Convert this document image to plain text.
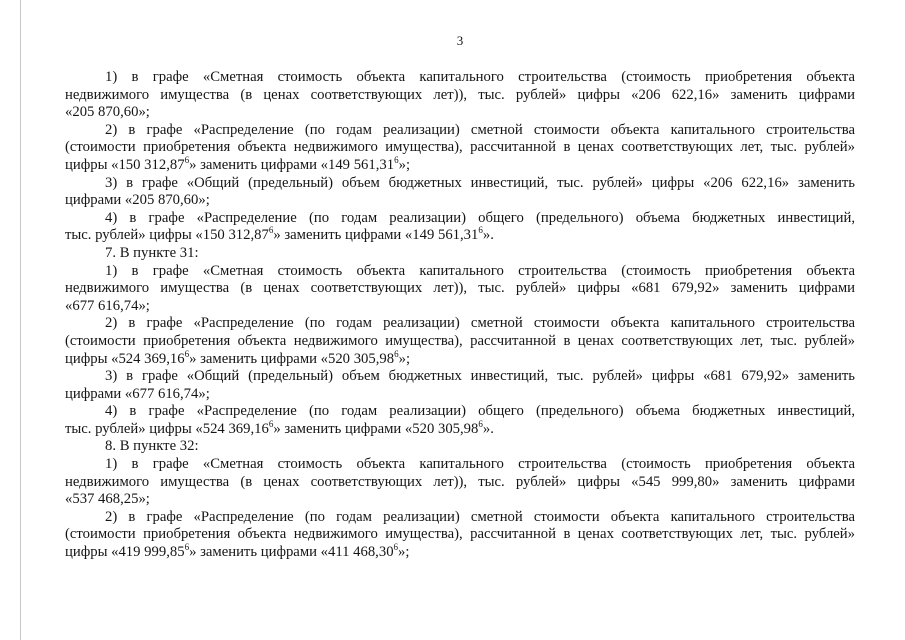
3
1) в графе «Сметная стоимость объекта капитального строительства (стоимость приобретения объекта
недвижимого имущества (в ценах соответствующих лет)), тыс. рублей» цифры «206 622,16» заменить цифрами
«205 870,60»;
2) в графе «Распределение (по годам реализации) сметной стоимости объекта капитального строительства
(стоимости приобретения объекта недвижимого имущества), рассчитанной в ценах соответствующих лет, тыс. рублей»
цифры «150 312,87$^6$» заменить цифрами «149 561,31$^6$»;
3) в графе «Общий (предельный) объем бюджетных инвестиций, тыс. рублей» цифры «206 622,16» заменить
цифрами «205 870,60»;
4) в графе «Распределение (по годам реализации) общего (предельного) объема бюджетных инвестиций,
тыс. рублей» цифры «150 312,87$^6$» заменить цифрами «149 561,31$^6$».
7. В пункте 31:
1) в графе «Сметная стоимость объекта капитального строительства (стоимость приобретения объекта
недвижимого имущества (в ценах соответствующих лет)), тыс. рублей» цифры «681 679,92» заменить цифрами
«677 616,74»;
2) в графе «Распределение (по годам реализации) сметной стоимости объекта капитального строительства
(стоимости приобретения объекта недвижимого имущества), рассчитанной в ценах соответствующих лет, тыс. рублей»
цифры «524 369,16$^6$» заменить цифрами «520 305,98$^6$»;
3) в графе «Общий (предельный) объем бюджетных инвестиций, тыс. рублей» цифры «681 679,92» заменить
цифрами «677 616,74»;
4) в графе «Распределение (по годам реализации) общего (предельного) объема бюджетных инвестиций,
тыс. рублей» цифры «524 369,16$^6$» заменить цифрами «520 305,98$^6$».
8. В пункте 32:
1) в графе «Сметная стоимость объекта капитального строительства (стоимость приобретения объекта
недвижимого имущества (в ценах соответствующих лет)), тыс. рублей» цифры «545 999,80» заменить цифрами
«537 468,25»;
2) в графе «Распределение (по годам реализации) сметной стоимости объекта капитального строительства
(стоимости приобретения объекта недвижимого имущества), рассчитанной в ценах соответствующих лет, тыс. рублей»
цифры «419 999,85$^6$» заменить цифрами «411 468,30$^6$»;
